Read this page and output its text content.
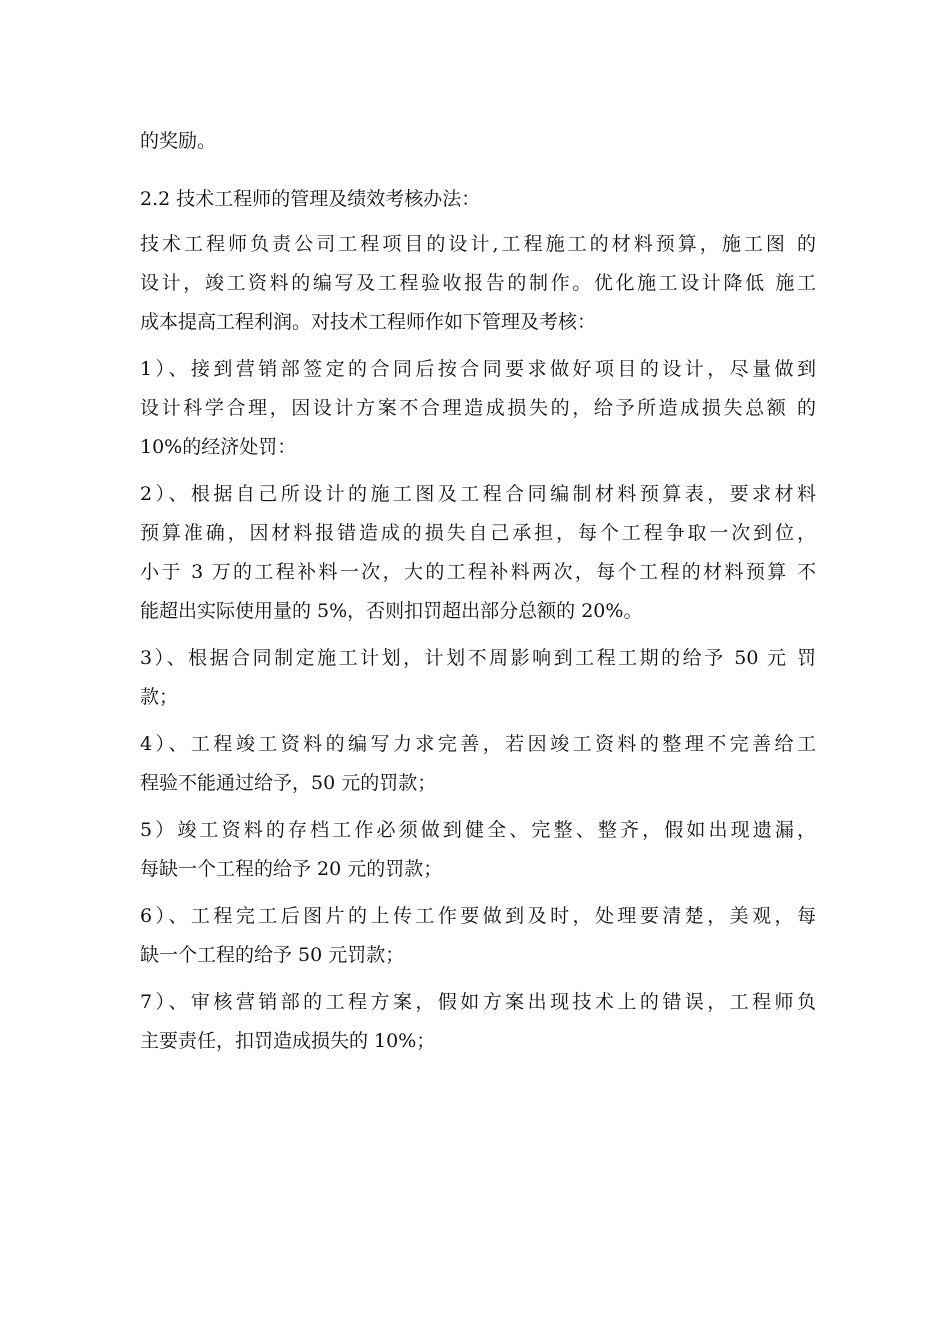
的奖励。

2.2 技术工程师的管理及绩效考核办法：

技术工程师负责公司工程项目的设计,工程施工的材料预算，施工图 的

设计，竣工资料的编写及工程验收报告的制作。优化施工设计降低 施工

成本提高工程利润。对技术工程师作如下管理及考核：

1）、接到营销部签定的合同后按合同要求做好项目的设计，尽量做到

设计科学合理，因设计方案不合理造成损失的，给予所造成损失总额 的

10%的经济处罚：

2）、根据自己所设计的施工图及工程合同编制材料预算表，要求材料

预算准确，因材料报错造成的损失自己承担，每个工程争取一次到位，

小于 3 万的工程补料一次，大的工程补料两次，每个工程的材料预算 不

能超出实际使用量的 5%，否则扣罚超出部分总额的 20%。

3）、根据合同制定施工计划，计划不周影响到工程工期的给予 50 元 罚

款；

4）、工程竣工资料的编写力求完善，若因竣工资料的整理不完善给工

程验不能通过给予，50 元的罚款；

5）竣工资料的存档工作必须做到健全、完整、整齐，假如出现遗漏，

每缺一个工程的给予 20 元的罚款；

6）、工程完工后图片的上传工作要做到及时，处理要清楚，美观，每

缺一个工程的给予 50 元罚款；

7）、审核营销部的工程方案，假如方案出现技术上的错误，工程师负

主要责任，扣罚造成损失的 10%；
